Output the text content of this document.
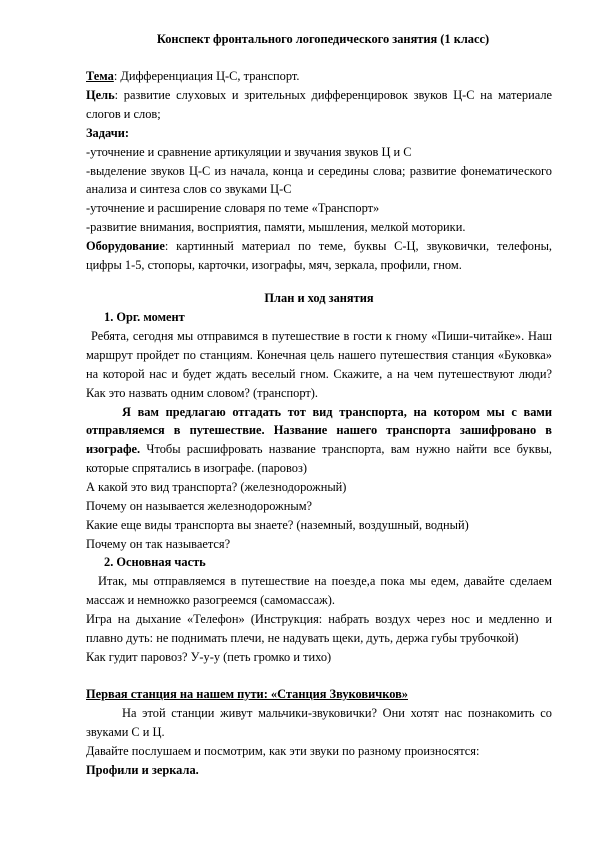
Конспект фронтального логопедического занятия (1 класс)

Тема: Дифференциация Ц-С, транспорт.

Цель: развитие слуховых и зрительных дифференцировок звуков Ц-С на материале слогов и слов;

Задачи:

-уточнение и сравнение артикуляции и звучания звуков Ц и С

-выделение звуков Ц-С из начала, конца и середины слова; развитие фонематического анализа и синтеза слов со звуками Ц-С

-уточнение и расширение словаря по теме «Транспорт»

-развитие внимания, восприятия, памяти, мышления, мелкой моторики.

Оборудование: картинный материал по теме, буквы С-Ц, звуковички, телефоны, цифры 1-5, стопоры, карточки, изографы, мяч, зеркала, профили, гном.

План и ход занятия

1. Орг. момент

Ребята, сегодня мы отправимся в путешествие в гости к гному «Пиши-читайке». Наш маршрут пройдет по станциям. Конечная цель нашего путешествия станция «Буковка» на которой нас и будет ждать веселый гном. Скажите, а на чем путешествуют люди? Как это назвать одним словом? (транспорт).

Я вам предлагаю отгадать тот вид транспорта, на котором мы с вами отправляемся в путешествие. Название нашего транспорта зашифровано в изографе. Чтобы расшифровать название транспорта, вам нужно найти все буквы, которые спрятались в изографе. (паровоз)

А какой это вид транспорта? (железнодорожный)

Почему он называется железнодорожным?

Какие еще виды транспорта вы знаете? (наземный, воздушный, водный)

Почему он так называется?

2. Основная часть

Итак, мы отправляемся в путешествие на поезде,а пока мы едем, давайте сделаем массаж и немножко разогреемся (самомассаж).

Игра на дыхание «Телефон» (Инструкция: набрать воздух через нос и медленно и плавно дуть: не поднимать плечи, не надувать щеки, дуть, держа губы трубочкой)

Как гудит паровоз? У-у-у (петь громко и тихо)

Первая станция на нашем пути: «Станция Звуковичков»

На этой станции живут мальчики-звуковички? Они хотят нас познакомить со звуками С и Ц.

Давайте послушаем и посмотрим, как эти звуки по разному произносятся:

Профили и зеркала.
